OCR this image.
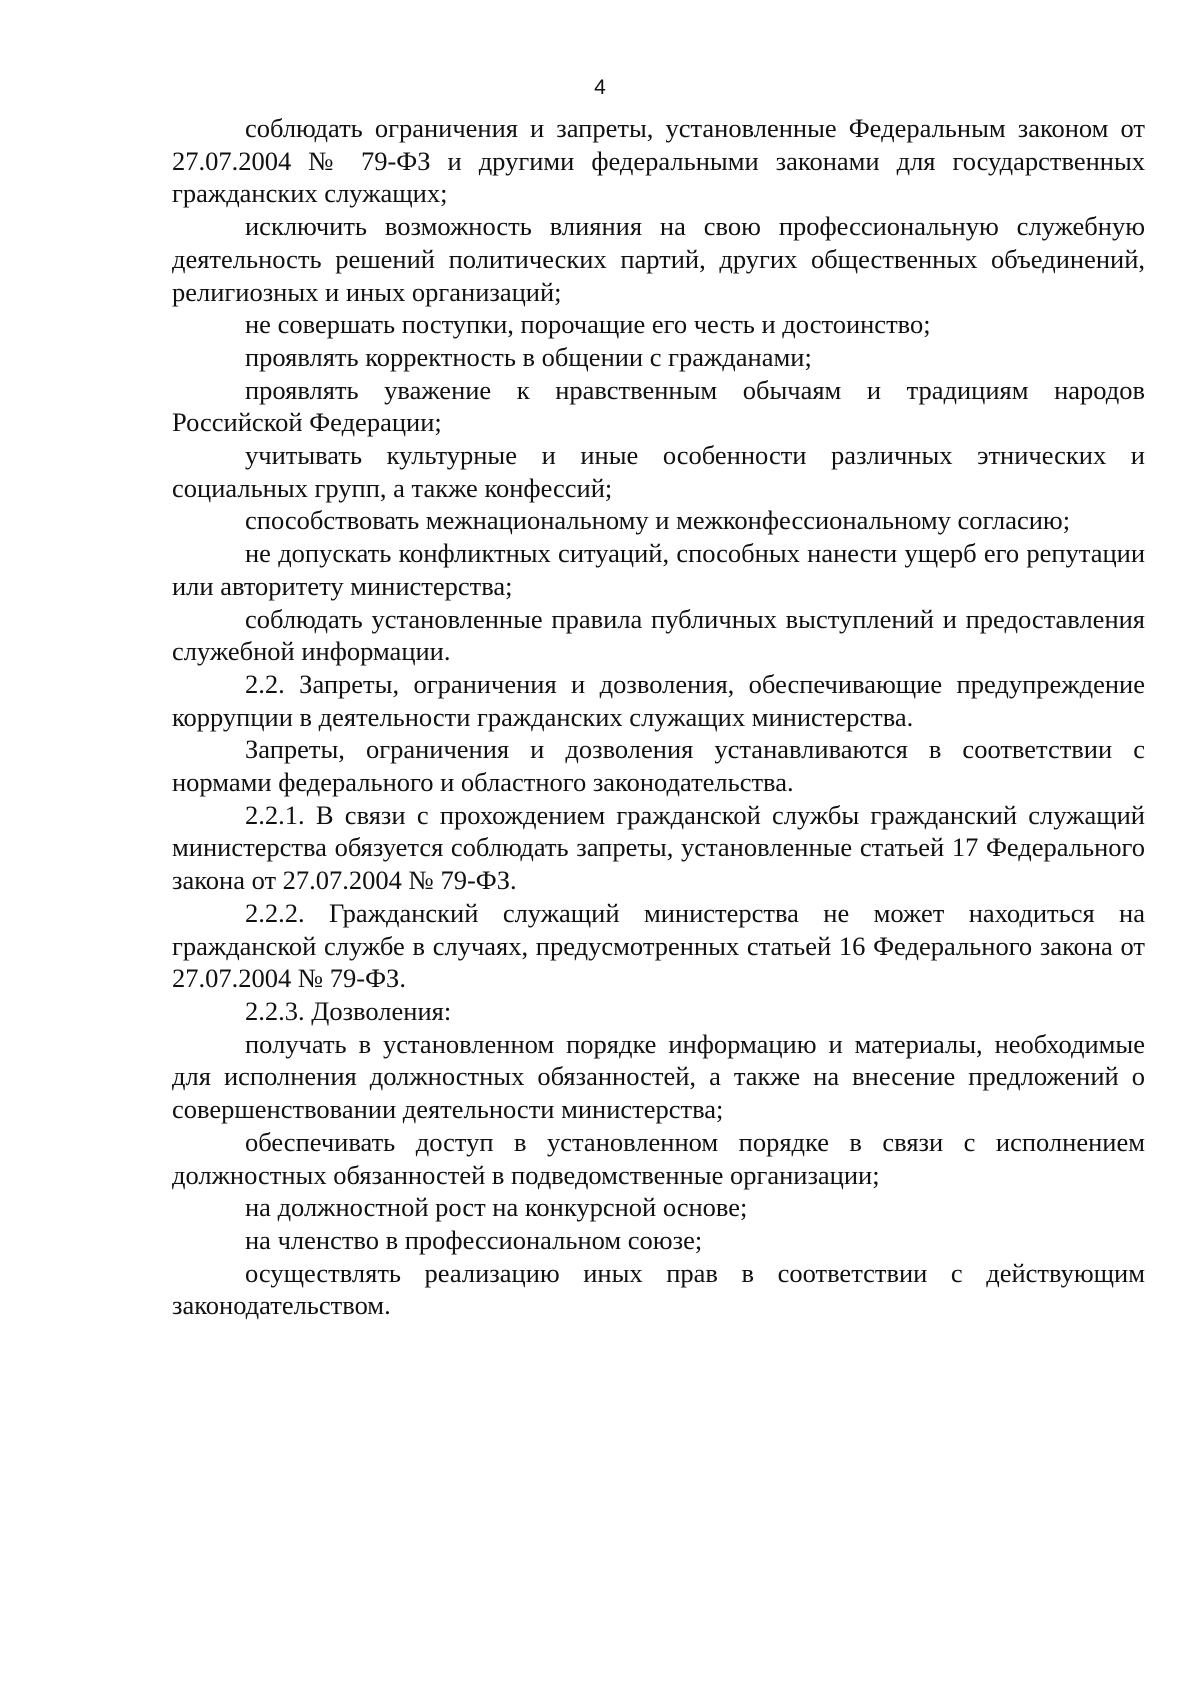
4

соблюдать ограничения и запреты, установленные Федеральным законом от 27.07.2004 № 79-ФЗ и другими федеральными законами для государственных гражданских служащих;

исключить возможность влияния на свою профессиональную служебную деятельность решений политических партий, других общественных объединений, религиозных и иных организаций;

не совершать поступки, порочащие его честь и достоинство;

проявлять корректность в общении с гражданами;

проявлять уважение к нравственным обычаям и традициям народов Российской Федерации;

учитывать культурные и иные особенности различных этнических и социальных групп, а также конфессий;

способствовать межнациональному и межконфессиональному согласию;

не допускать конфликтных ситуаций, способных нанести ущерб его репутации или авторитету министерства;

соблюдать установленные правила публичных выступлений и предоставления служебной информации.

2.2. Запреты, ограничения и дозволения, обеспечивающие предупреждение коррупции в деятельности гражданских служащих министерства.

Запреты, ограничения и дозволения устанавливаются в соответствии с нормами федерального и областного законодательства.

2.2.1. В связи с прохождением гражданской службы гражданский служащий министерства обязуется соблюдать запреты, установленные статьей 17 Федерального закона от 27.07.2004 № 79-ФЗ.

2.2.2. Гражданский служащий министерства не может находиться на гражданской службе в случаях, предусмотренных статьей 16 Федерального закона от 27.07.2004 № 79-ФЗ.

2.2.3. Дозволения:

получать в установленном порядке информацию и материалы, необходимые для исполнения должностных обязанностей, а также на внесение предложений о совершенствовании деятельности министерства;

обеспечивать доступ в установленном порядке в связи с исполнением должностных обязанностей в подведомственные организации;

на должностной рост на конкурсной основе;

на членство в профессиональном союзе;

осуществлять реализацию иных прав в соответствии с действующим законодательством.
